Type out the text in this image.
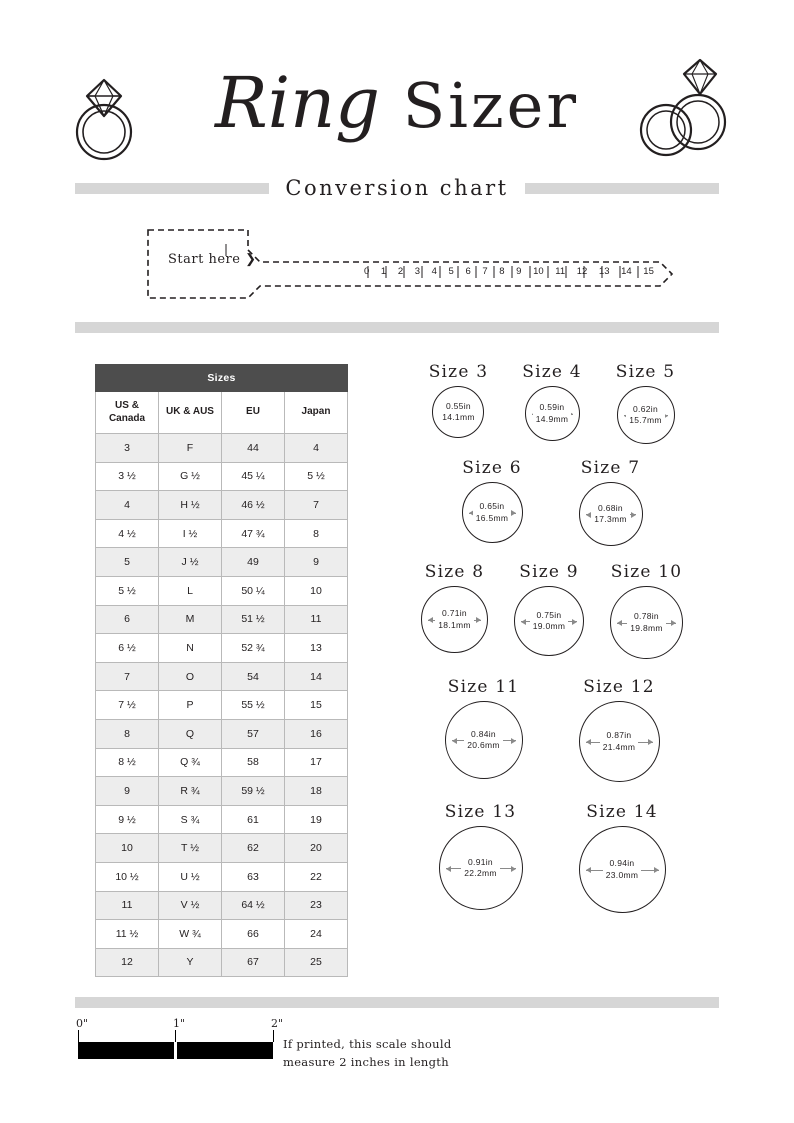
Ring Sizer
Conversion chart
Start here ❯
0 1 2 3 4 5 6 7 8 9 10 11 12 13 14 15
Sizes			
US & Canada	UK & AUS	EU	Japan
3	F	44	4
3 ½	G ½	45 ¼	5 ½
4	H ½	46 ½	7
4 ½	I ½	47 ¾	8
5	J ½	49	9
5 ½	L	50 ¼	10
6	M	51 ½	11
6 ½	N	52 ¾	13
7	O	54	14
7 ½	P	55 ½	15
8	Q	57	16
8 ½	Q ¾	58	17
9	R ¾	59 ½	18
9 ½	S ¾	61	19
10	T ½	62	20
10 ½	U ½	63	22
11	V ½	64 ½	23
11 ½	W ¾	66	24
12	Y	67	25
Size 3
0.55in
14.1mm
Size 4
0.59in
14.9mm
Size 5
0.62in
15.7mm
Size 6
0.65in
16.5mm
Size 7
0.68in
17.3mm
Size 8
0.71in
18.1mm
Size 9
0.75in
19.0mm
Size 10
0.78in
19.8mm
Size 11
0.84in
20.6mm
Size 12
0.87in
21.4mm
Size 13
0.91in
22.2mm
Size 14
0.94in
23.0mm
0"	1"	2"
If printed, this scale should
measure 2 inches in length
